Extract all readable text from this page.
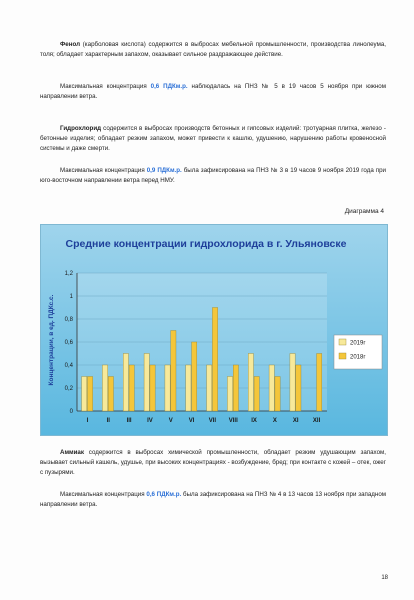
Фенол (карболовая кислота) содержится в выбросах мебельной промышленности, производства линолеума, толя; обладает характерным запахом, оказывает сильное раздражающее действие.

Максимальная концентрация 0,6 ПДКм.р. наблюдалась на ПНЗ № 5 в 19 часов 5 ноября при южном направлении ветра.

Гидрохлорид содержится в выбросах производств бетонных и гипсовых изделий: тротуарная плитка, железо - бетонные изделия; обладает резким запахом, может привести к кашлю, удушению, нарушению работы кровеносной системы и даже смерти.

Максимальная концентрация 0,9 ПДКм.р. была зафиксирована на ПНЗ № 3 в 19 часов 9 ноября 2019 года при юго-восточном направлении ветра перед НМУ.

Диаграмма 4
Средние концентрации гидрохлорида в г. Ульяновске
Концентрации, в ед. ПДКс.с.
0
0,2
0,4
0,6
0,8
1
1,2
I	II	III	IV	V	VI VII VIII IX	X	XI XII
2019г
2018г

Аммиак содержится в выбросах химической промышленности, обладает резким удушающим запахом, вызывает сильный кашель, удушье, при высоких концентрациях - возбуждение, бред; при контакте с кожей – отек, ожег с пузырями.

Максимальная концентрация 0,6 ПДКм.р. была зафиксирована на ПНЗ № 4 в 13 часов 13 ноября при западном направлении ветра.

18
